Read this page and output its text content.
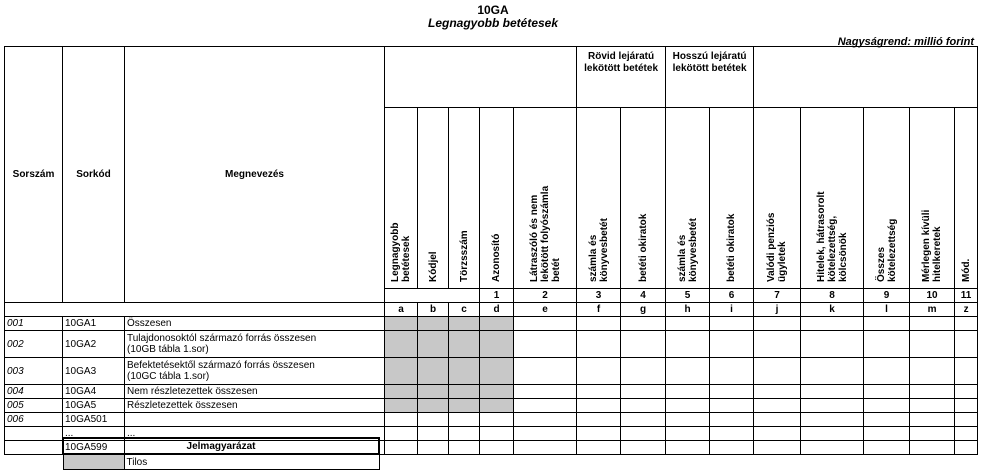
10GA
Legnagyobb betétesek
Nagyságrend: millió forint
Sorszám	Sorkód	Megnevezés						Rövid lejáratú lekötött betétek		Hosszú lejáratú lekötött betétek							

			Legnagyobb betétesek	Kódjel	Törzsszám	Azonosító	Látraszóló és nem lekötött folyószámla betét	számla és könyvesbetét	betéti okiratok	számla és könyvesbetét	betéti okiratok	Valódi penziós ügyletek	Hitelek, hátrasorolt kötelezettség, kölcsönök	Összes kötelezettség	Mérlegen kívüli hitelkeretek	Mód.	

						1	2	3	4	5	6	7	8	9	10	11			
			a	b	c	d	e	f	g	h	i	j	k	l	m	z	
001	10GA1	Összesen															

002	10GA2	Tulajdonosoktól származó forrás összesen
(10GB tábla 1.sor)															

003	10GA3	Befektetésektől származó forrás összesen
(10GC tábla 1.sor)															

004	10GA4	Nem részletezettek összesen															

005	10GA5	Részletezettek összesen															

006	10GA501		

	...	...															

	10GA599		
															Jelmagyarázat
	Tilos
